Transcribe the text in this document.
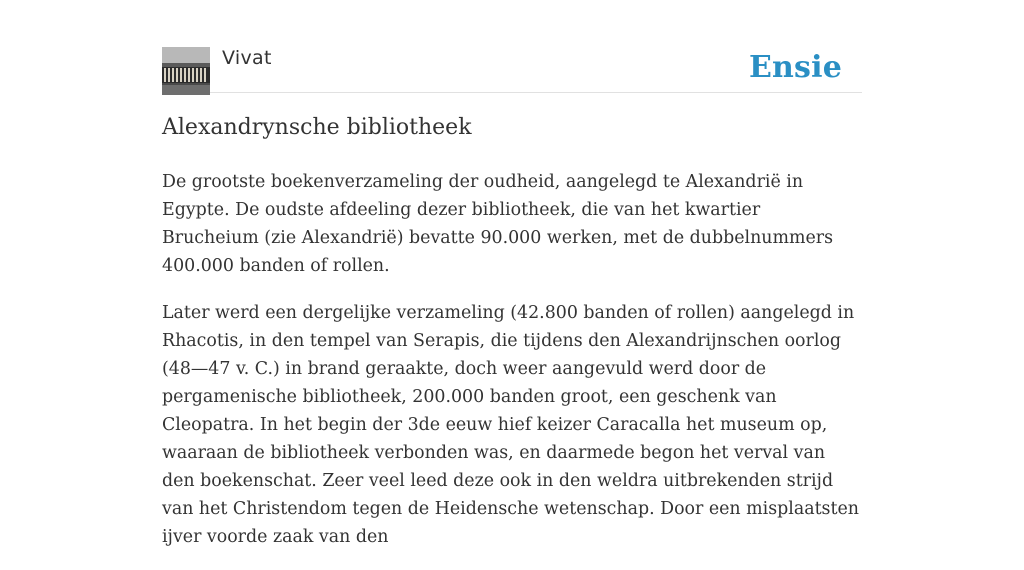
Vivat	Ensie
Alexandrynsche bibliotheek

De grootste boekenverzameling der oudheid, aangelegd te Alexandrië in Egypte. De oudste afdeeling dezer bibliotheek, die van het kwartier Brucheium (zie Alexandrië) bevatte 90.000 werken, met de dubbelnummers 400.000 banden of rollen.

Later werd een dergelijke verzameling (42.800 banden of rollen) aangelegd in Rhacotis, in den tempel van Serapis, die tijdens den Alexandrijnschen oorlog (48—47 v. C.) in brand geraakte, doch weer aangevuld werd door de pergamenische bibliotheek, 200.000 banden groot, een geschenk van Cleopatra. In het begin der 3de eeuw hief keizer Caracalla het museum op, waaraan de bibliotheek verbonden was, en daarmede begon het verval van den boekenschat. Zeer veel leed deze ook in den weldra uitbrekenden strijd van het Christendom tegen de Heidensche wetenschap. Door een misplaatsten ijver voorde zaak van den
